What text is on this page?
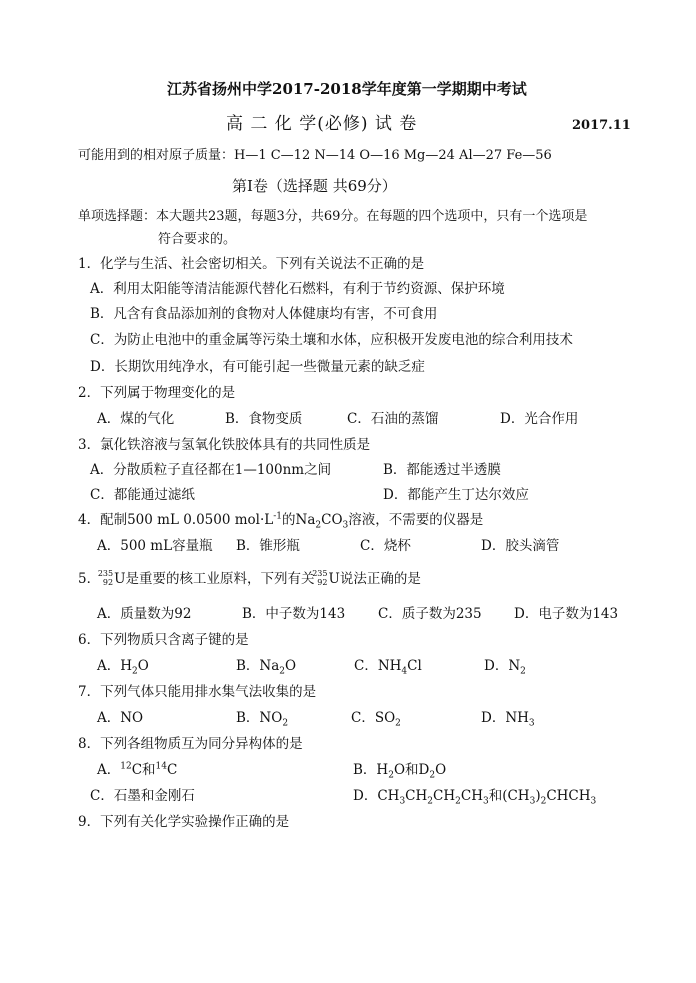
江苏省扬州中学2017-2018学年度第一学期期中考试
高 二 化 学(必修) 试 卷	2017.11
可能用到的相对原子质量：H—1 C—12 N—14 O—16 Mg—24 Al—27 Fe—56
第Ⅰ卷（选择题 共69分）
单项选择题：本大题共23题，每题3分，共69分。在每题的四个选项中，只有一个选项是
符合要求的。
1．化学与生活、社会密切相关。下列有关说法不正确的是
A．利用太阳能等清洁能源代替化石燃料，有利于节约资源、保护环境
B．凡含有食品添加剂的食物对人体健康均有害，不可食用
C．为防止电池中的重金属等污染土壤和水体，应积极开发废电池的综合利用技术
D．长期饮用纯净水，有可能引起一些微量元素的缺乏症
2．下列属于物理变化的是
A．煤的气化	B．食物变质	C．石油的蒸馏	D．光合作用
3．氯化铁溶液与氢氧化铁胶体具有的共同性质是
A．分散质粒子直径都在1—100nm之间	B．都能透过半透膜
C．都能通过滤纸	D．都能产生丁达尔效应
4．配制500 mL 0.0500 $mol\cdot L^{-1}$的$Na_2CO_3$溶液，不需要的仪器是
A．500 mL容量瓶 B．锥形瓶	C．烧杯	D．胶头滴管
5．
235
92 U是重要的核工业原料，下列有关
235
92 U说法正确的是
A．质量数为92	B．中子数为143 C．质子数为235 D．电子数为143
6．下列物质只含离子键的是
A．$H_2O$	B．$Na_2O$	C．$NH_4Cl$	D．$N_2$
7．下列气体只能用排水集气法收集的是
A．NO	B．$NO_2$	C．$SO_2$	D．$NH_3$
8．下列各组物质互为同分异构体的是
A．$^{12}$C和$^{14}$C	B．$H_2O$和$D_2O$
C．石墨和金刚石	D．$CH_3CH_2CH_2CH_3$和$(CH_3)_2CHCH_3$
9．下列有关化学实验操作正确的是
